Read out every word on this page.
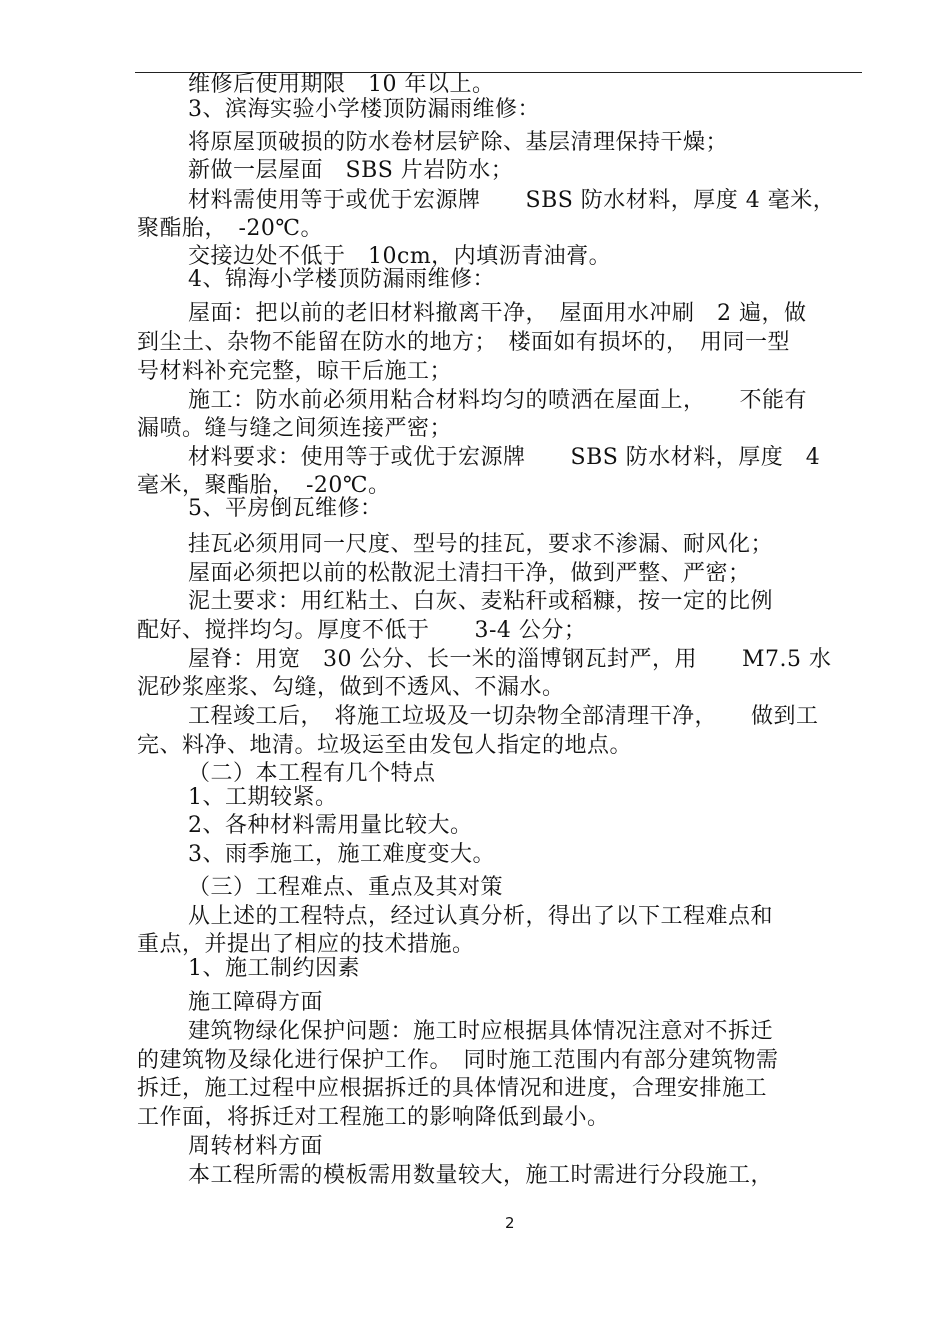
维修后使用期限　10 年以上。
3、滨海实验小学楼顶防漏雨维修：
将原屋顶破损的防水卷材层铲除、基层清理保持干燥；
新做一层屋面　SBS 片岩防水；
材料需使用等于或优于宏源牌　　SBS 防水材料，厚度 4 毫米，
聚酯胎，　-20℃。
交接边处不低于　10cm，内填沥青油膏。
4、锦海小学楼顶防漏雨维修：
屋面：把以前的老旧材料撤离干净，　屋面用水冲刷　2 遍，做
到尘土、杂物不能留在防水的地方；　楼面如有损坏的，　用同一型
号材料补充完整，晾干后施工；
施工：防水前必须用粘合材料均匀的喷洒在屋面上，　　不能有
漏喷。缝与缝之间须连接严密；
材料要求：使用等于或优于宏源牌　　SBS 防水材料，厚度　4
毫米，聚酯胎，　-20℃。
5、平房倒瓦维修：
挂瓦必须用同一尺度、型号的挂瓦，要求不渗漏、耐风化；
屋面必须把以前的松散泥土清扫干净，做到严整、严密；
泥土要求：用红粘土、白灰、麦粘秆或稻糠，按一定的比例
配好、搅拌均匀。厚度不低于　　3-4 公分；
屋脊：用宽　30 公分、长一米的淄博钢瓦封严，用　　M7.5 水
泥砂浆座浆、勾缝，做到不透风、不漏水。
工程竣工后，　将施工垃圾及一切杂物全部清理干净，　　做到工
完、料净、地清。垃圾运至由发包人指定的地点。
（二）本工程有几个特点
1、工期较紧。
2、各种材料需用量比较大。
3、雨季施工，施工难度变大。
（三）工程难点、重点及其对策
从上述的工程特点，经过认真分析，得出了以下工程难点和
重点，并提出了相应的技术措施。
1、施工制约因素
施工障碍方面
建筑物绿化保护问题：施工时应根据具体情况注意对不拆迁
的建筑物及绿化进行保护工作。　同时施工范围内有部分建筑物需
拆迁，施工过程中应根据拆迁的具体情况和进度，合理安排施工
工作面，将拆迁对工程施工的影响降低到最小。
周转材料方面
本工程所需的模板需用数量较大，施工时需进行分段施工，
2
